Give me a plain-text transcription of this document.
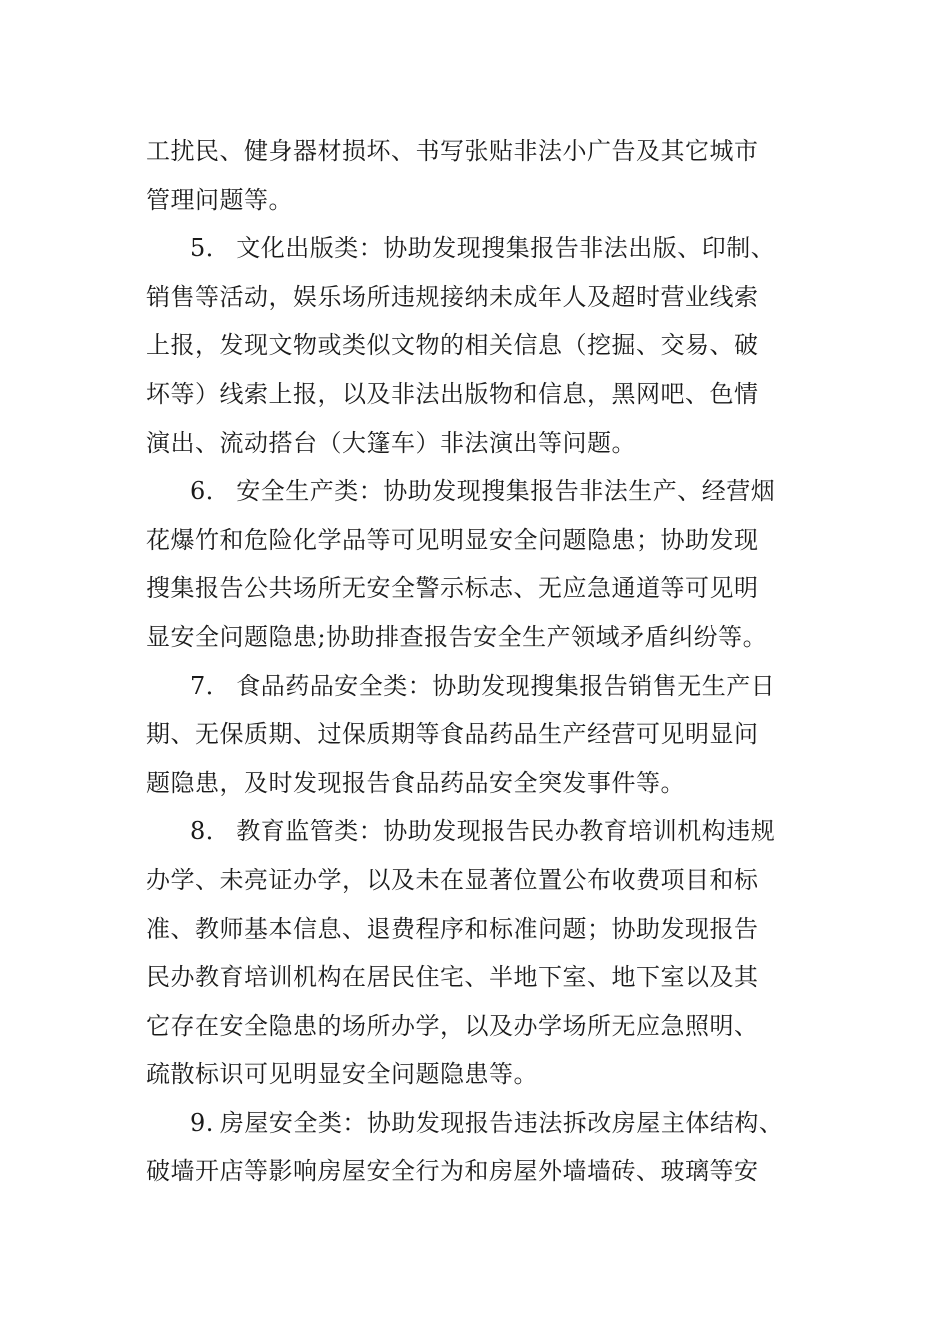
工扰民、健身器材损坏、书写张贴非法小广告及其它城市
管理问题等。

5． 文化出版类：协助发现搜集报告非法出版、印制、
销售等活动，娱乐场所违规接纳未成年人及超时营业线索
上报，发现文物或类似文物的相关信息（挖掘、交易、破
坏等）线索上报，以及非法出版物和信息，黑网吧、色情
演出、流动搭台（大篷车）非法演出等问题。

6． 安全生产类：协助发现搜集报告非法生产、经营烟
花爆竹和危险化学品等可见明显安全问题隐患；协助发现
搜集报告公共场所无安全警示标志、无应急通道等可见明
显安全问题隐患;协助排查报告安全生产领域矛盾纠纷等。

7． 食品药品安全类：协助发现搜集报告销售无生产日
期、无保质期、过保质期等食品药品生产经营可见明显问
题隐患，及时发现报告食品药品安全突发事件等。

8． 教育监管类：协助发现报告民办教育培训机构违规
办学、未亮证办学，以及未在显著位置公布收费项目和标
准、教师基本信息、退费程序和标准问题；协助发现报告
民办教育培训机构在居民住宅、半地下室、地下室以及其
它存在安全隐患的场所办学，以及办学场所无应急照明、
疏散标识可见明显安全问题隐患等。

9. 房屋安全类：协助发现报告违法拆改房屋主体结构、
破墙开店等影响房屋安全行为和房屋外墙墙砖、玻璃等安
